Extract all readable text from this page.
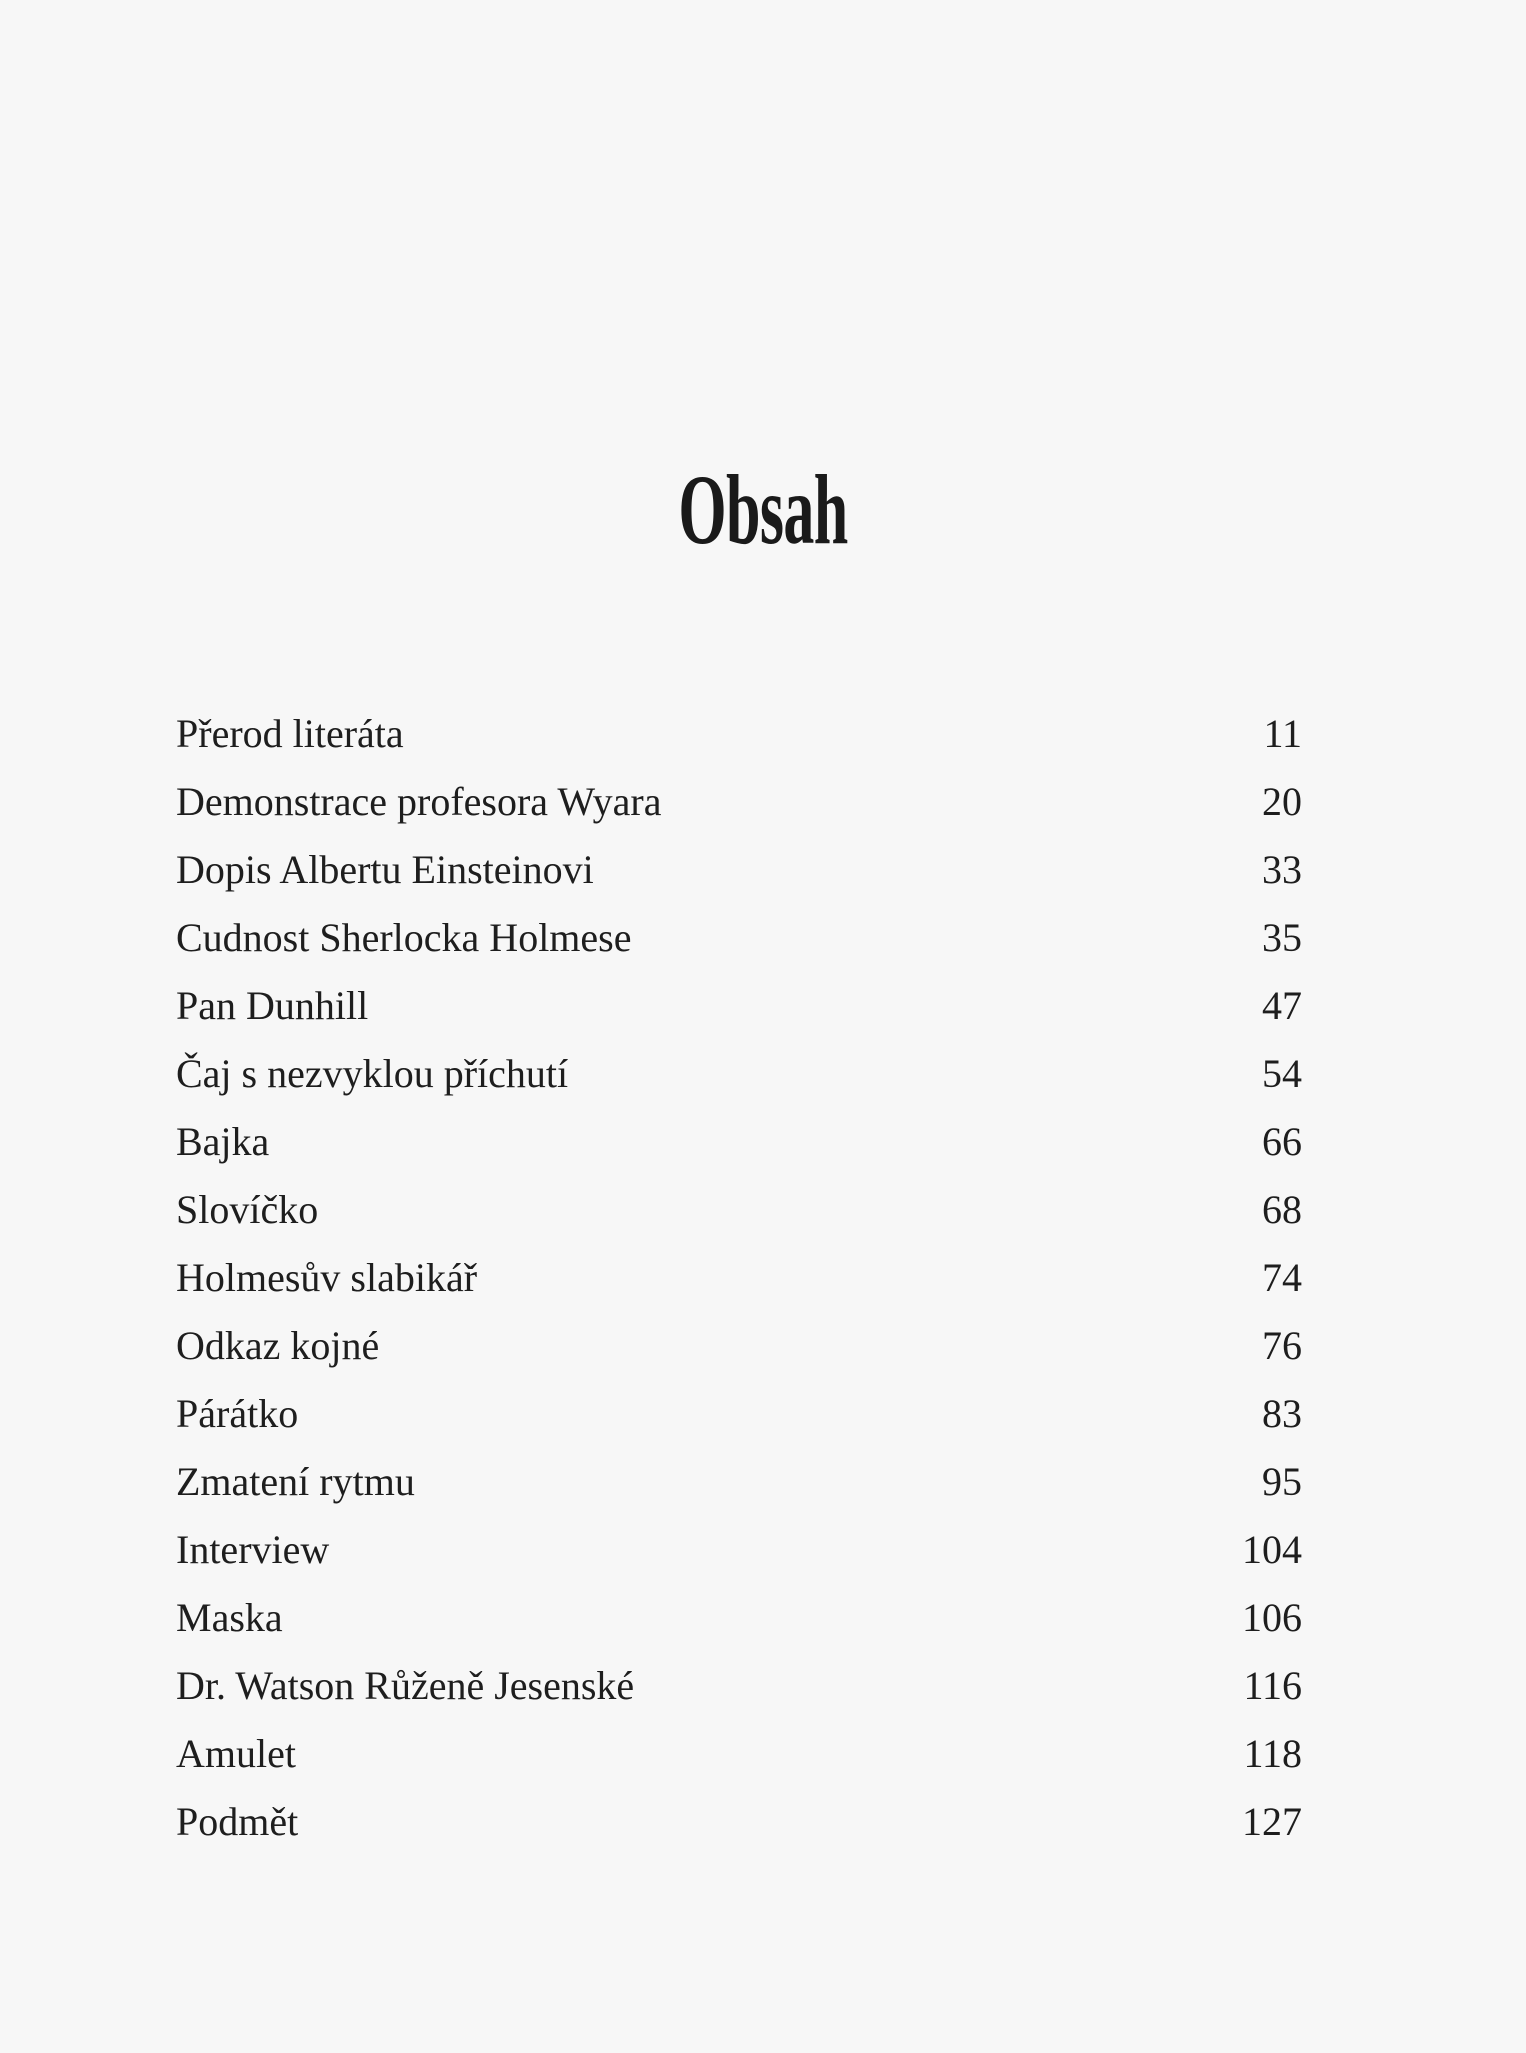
Obsah
Přerod literáta	11
Demonstrace profesora Wyara	20
Dopis Albertu Einsteinovi	33
Cudnost Sherlocka Holmese	35
Pan Dunhill	47
Čaj s nezvyklou příchutí	54
Bajka	66
Slovíčko	68
Holmesův slabikář	74
Odkaz kojné	76
Párátko	83
Zmatení rytmu	95
Interview	104
Maska	106
Dr. Watson Růženě Jesenské	116
Amulet	118
Podmět	127
